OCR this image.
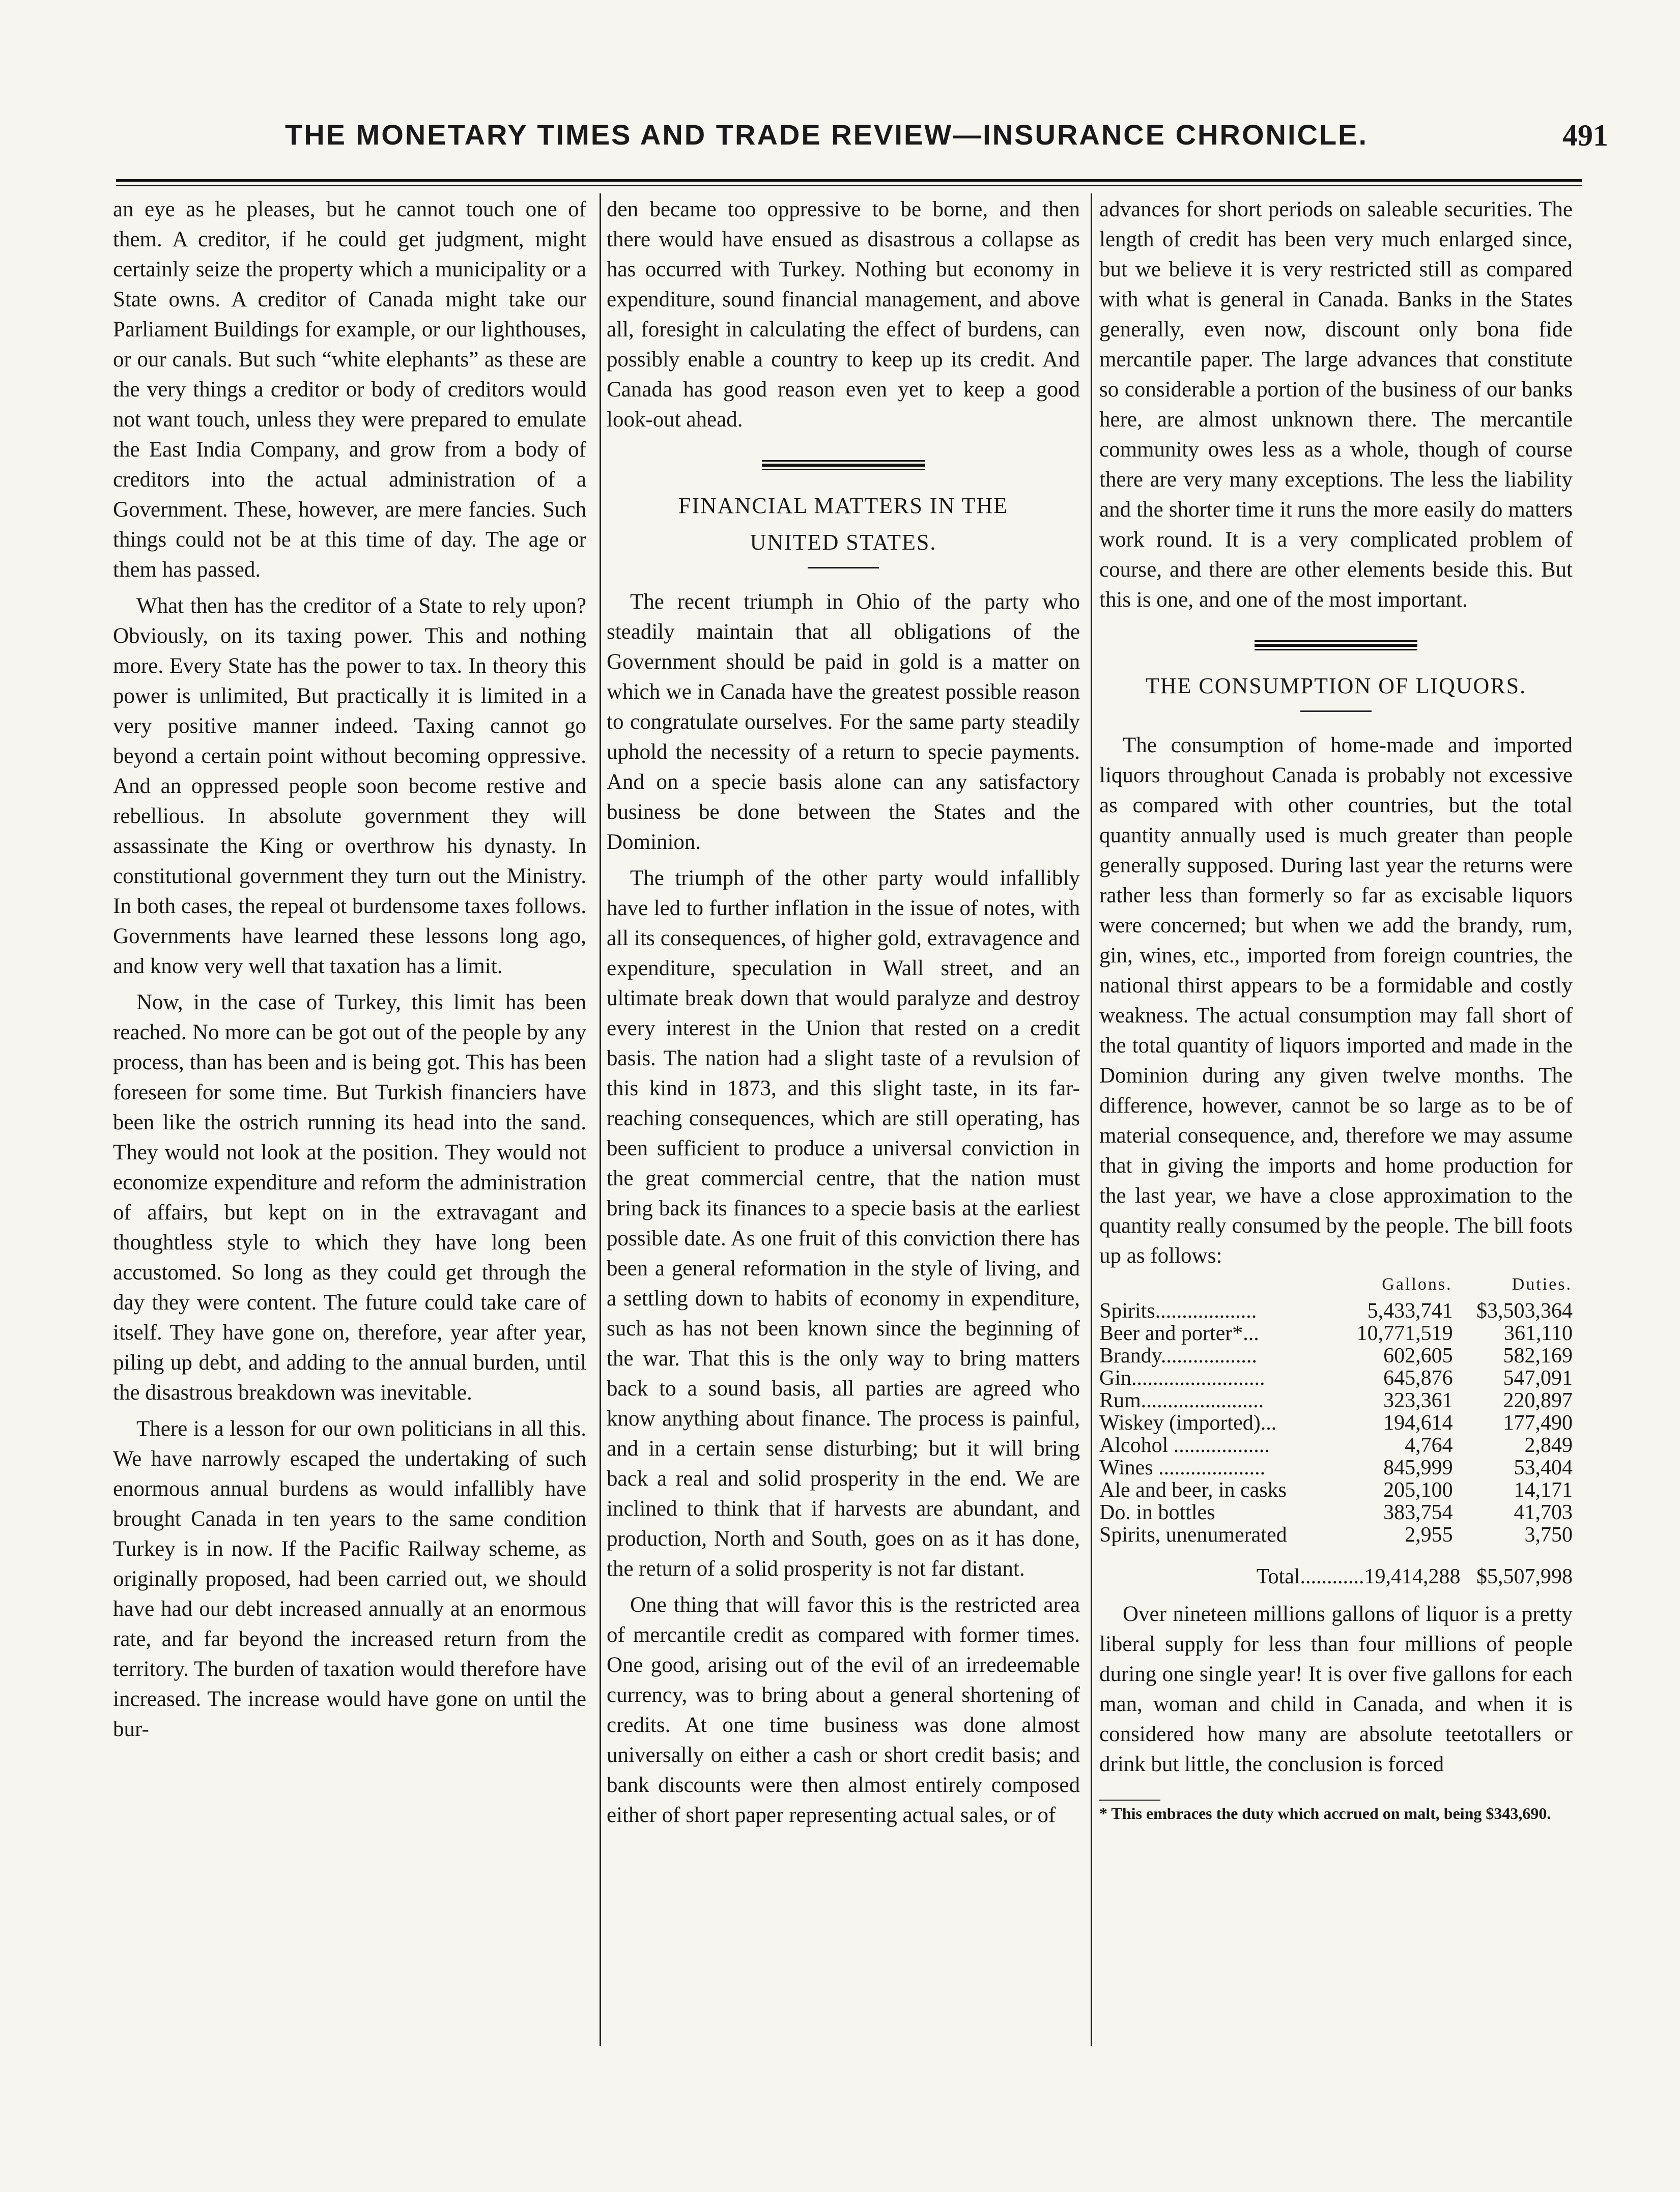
THE MONETARY TIMES AND TRADE REVIEW—INSURANCE CHRONICLE.	491

an eye as he pleases, but he cannot touch one of them. A creditor, if he could get judgment, might certainly seize the property which a municipality or a State owns. A creditor of Canada might take our Parliament Buildings for example, or our lighthouses, or our canals. But such “white elephants” as these are the very things a creditor or body of creditors would not want touch, unless they were prepared to emulate the East India Company, and grow from a body of creditors into the actual administration of a Government. These, however, are mere fancies. Such things could not be at this time of day. The age or them has passed.

What then has the creditor of a State to rely upon? Obviously, on its taxing power. This and nothing more. Every State has the power to tax. In theory this power is unlimited, But practically it is limited in a very positive manner indeed. Taxing cannot go beyond a certain point without becoming oppressive. And an oppressed people soon become restive and rebellious. In absolute government they will assassinate the King or overthrow his dynasty. In constitutional government they turn out the Ministry. In both cases, the repeal ot burdensome taxes follows. Governments have learned these lessons long ago, and know very well that taxation has a limit.

Now, in the case of Turkey, this limit has been reached. No more can be got out of the people by any process, than has been and is being got. This has been foreseen for some time. But Turkish financiers have been like the ostrich running its head into the sand. They would not look at the position. They would not economize expenditure and reform the administration of affairs, but kept on in the extravagant and thoughtless style to which they have long been accustomed. So long as they could get through the day they were content. The future could take care of itself. They have gone on, therefore, year after year, piling up debt, and adding to the annual burden, until the disastrous breakdown was inevitable.

There is a lesson for our own politicians in all this. We have narrowly escaped the undertaking of such enormous annual burdens as would infallibly have brought Canada in ten years to the same condition Turkey is in now. If the Pacific Railway scheme, as originally proposed, had been carried out, we should have had our debt increased annually at an enormous rate, and far beyond the increased return from the territory. The burden of taxation would therefore have increased. The increase would have gone on until the bur-

den became too oppressive to be borne, and then there would have ensued as disastrous a collapse as has occurred with Turkey. Nothing but economy in expenditure, sound financial management, and above all, foresight in calculating the effect of burdens, can possibly enable a country to keep up its credit. And Canada has good reason even yet to keep a good look-out ahead.

FINANCIAL MATTERS IN THE

UNITED STATES.

The recent triumph in Ohio of the party who steadily maintain that all obligations of the Government should be paid in gold is a matter on which we in Canada have the greatest possible reason to congratulate ourselves. For the same party steadily uphold the necessity of a return to specie payments. And on a specie basis alone can any satisfactory business be done between the States and the Dominion.

The triumph of the other party would infallibly have led to further inflation in the issue of notes, with all its consequences, of higher gold, extravagence and expenditure, speculation in Wall street, and an ultimate break down that would paralyze and destroy every interest in the Union that rested on a credit basis. The nation had a slight taste of a revulsion of this kind in 1873, and this slight taste, in its far-reaching consequences, which are still operating, has been sufficient to produce a universal conviction in the great commercial centre, that the nation must bring back its finances to a specie basis at the earliest possible date. As one fruit of this conviction there has been a general reformation in the style of living, and a settling down to habits of economy in expenditure, such as has not been known since the beginning of the war. That this is the only way to bring matters back to a sound basis, all parties are agreed who know anything about finance. The process is painful, and in a certain sense disturbing; but it will bring back a real and solid prosperity in the end. We are inclined to think that if harvests are abundant, and production, North and South, goes on as it has done, the return of a solid prosperity is not far distant.

One thing that will favor this is the restricted area of mercantile credit as compared with former times. One good, arising out of the evil of an irredeemable currency, was to bring about a general shortening of credits. At one time business was done almost universally on either a cash or short credit basis; and bank discounts were then almost entirely composed either of short paper representing actual sales, or of

advances for short periods on saleable securities. The length of credit has been very much enlarged since, but we believe it is very restricted still as compared with what is general in Canada. Banks in the States generally, even now, discount only bona fide mercantile paper. The large advances that constitute so considerable a portion of the business of our banks here, are almost unknown there. The mercantile community owes less as a whole, though of course there are very many exceptions. The less the liability and the shorter time it runs the more easily do matters work round. It is a very complicated problem of course, and there are other elements beside this. But this is one, and one of the most important.

THE CONSUMPTION OF LIQUORS.

The consumption of home-made and imported liquors throughout Canada is probably not excessive as compared with other countries, but the total quantity annually used is much greater than people generally supposed. During last year the returns were rather less than formerly so far as excisable liquors were concerned; but when we add the brandy, rum, gin, wines, etc., imported from foreign countries, the national thirst appears to be a formidable and costly weakness. The actual consumption may fall short of the total quantity of liquors imported and made in the Dominion during any given twelve months. The difference, however, cannot be so large as to be of material consequence, and, therefore we may assume that in giving the imports and home production for the last year, we have a close approximation to the quantity really consumed by the people. The bill foots up as follows:

	Gallons.	Duties.
Spirits...................	5,433,741	$3,503,364
Beer and porter*...	10,771,519	361,110
Brandy..................	602,605	582,169
Gin.........................	645,876	547,091
Rum.......................	323,361	220,897
Wiskey (imported)...	194,614	177,490
Alcohol ..................	4,764	2,849
Wines ....................	845,999	53,404
Ale and beer, in casks	205,100	14,171
Do. in bottles	383,754	41,703
Spirits, unenumerated	2,955	3,750
Total............19,414,288 $5,507,998

Over nineteen millions gallons of liquor is a pretty liberal supply for less than four millions of people during one single year! It is over five gallons for each man, woman and child in Canada, and when it is considered how many are absolute teetotallers or drink but little, the conclusion is forced

* This embraces the duty which accrued on malt, being $343,690.
